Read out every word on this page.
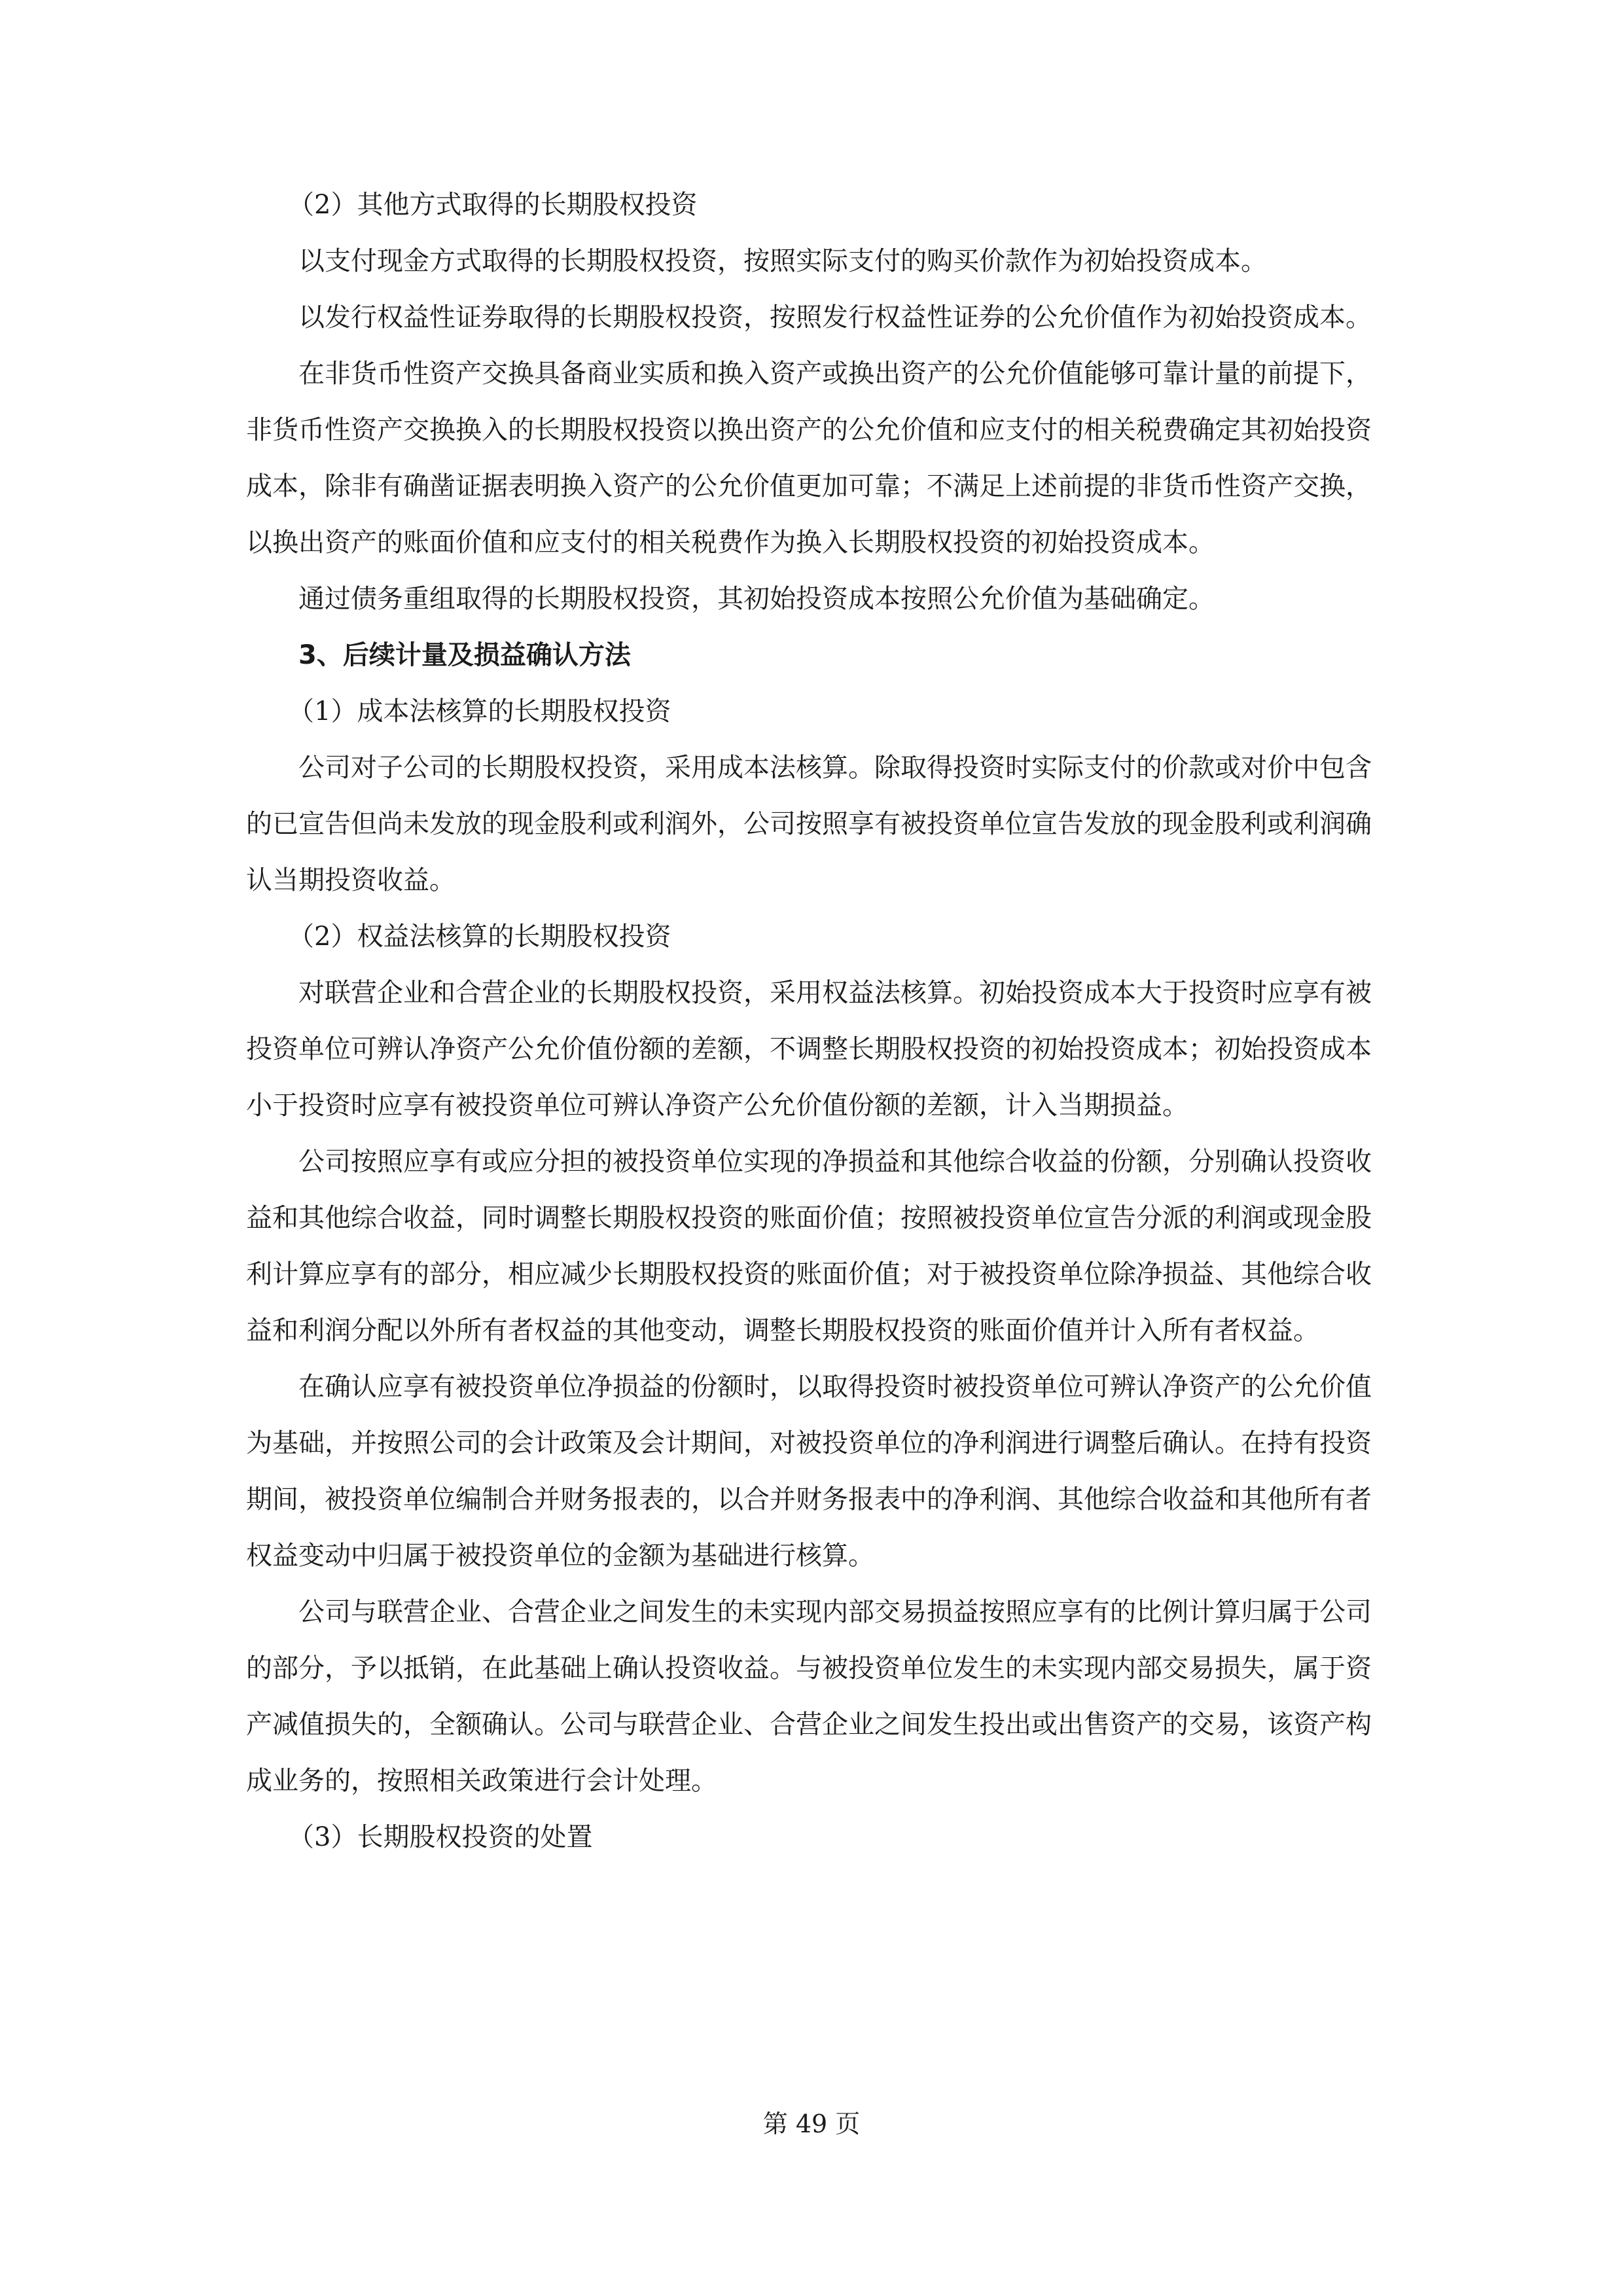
（2）其他方式取得的长期股权投资

以支付现金方式取得的长期股权投资，按照实际支付的购买价款作为初始投资成本。

以发行权益性证券取得的长期股权投资，按照发行权益性证券的公允价值作为初始投资成本。

在非货币性资产交换具备商业实质和换入资产或换出资产的公允价值能够可靠计量的前提下，非货币性资产交换换入的长期股权投资以换出资产的公允价值和应支付的相关税费确定其初始投资成本，除非有确凿证据表明换入资产的公允价值更加可靠；不满足上述前提的非货币性资产交换，以换出资产的账面价值和应支付的相关税费作为换入长期股权投资的初始投资成本。

通过债务重组取得的长期股权投资，其初始投资成本按照公允价值为基础确定。

3、后续计量及损益确认方法

（1）成本法核算的长期股权投资

公司对子公司的长期股权投资，采用成本法核算。除取得投资时实际支付的价款或对价中包含的已宣告但尚未发放的现金股利或利润外，公司按照享有被投资单位宣告发放的现金股利或利润确认当期投资收益。

（2）权益法核算的长期股权投资

对联营企业和合营企业的长期股权投资，采用权益法核算。初始投资成本大于投资时应享有被投资单位可辨认净资产公允价值份额的差额，不调整长期股权投资的初始投资成本；初始投资成本小于投资时应享有被投资单位可辨认净资产公允价值份额的差额，计入当期损益。

公司按照应享有或应分担的被投资单位实现的净损益和其他综合收益的份额，分别确认投资收益和其他综合收益，同时调整长期股权投资的账面价值；按照被投资单位宣告分派的利润或现金股利计算应享有的部分，相应减少长期股权投资的账面价值；对于被投资单位除净损益、其他综合收益和利润分配以外所有者权益的其他变动，调整长期股权投资的账面价值并计入所有者权益。

在确认应享有被投资单位净损益的份额时，以取得投资时被投资单位可辨认净资产的公允价值为基础，并按照公司的会计政策及会计期间，对被投资单位的净利润进行调整后确认。在持有投资期间，被投资单位编制合并财务报表的，以合并财务报表中的净利润、其他综合收益和其他所有者权益变动中归属于被投资单位的金额为基础进行核算。

公司与联营企业、合营企业之间发生的未实现内部交易损益按照应享有的比例计算归属于公司的部分，予以抵销，在此基础上确认投资收益。与被投资单位发生的未实现内部交易损失，属于资产减值损失的，全额确认。公司与联营企业、合营企业之间发生投出或出售资产的交易，该资产构成业务的，按照相关政策进行会计处理。

（3）长期股权投资的处置

第 49 页
